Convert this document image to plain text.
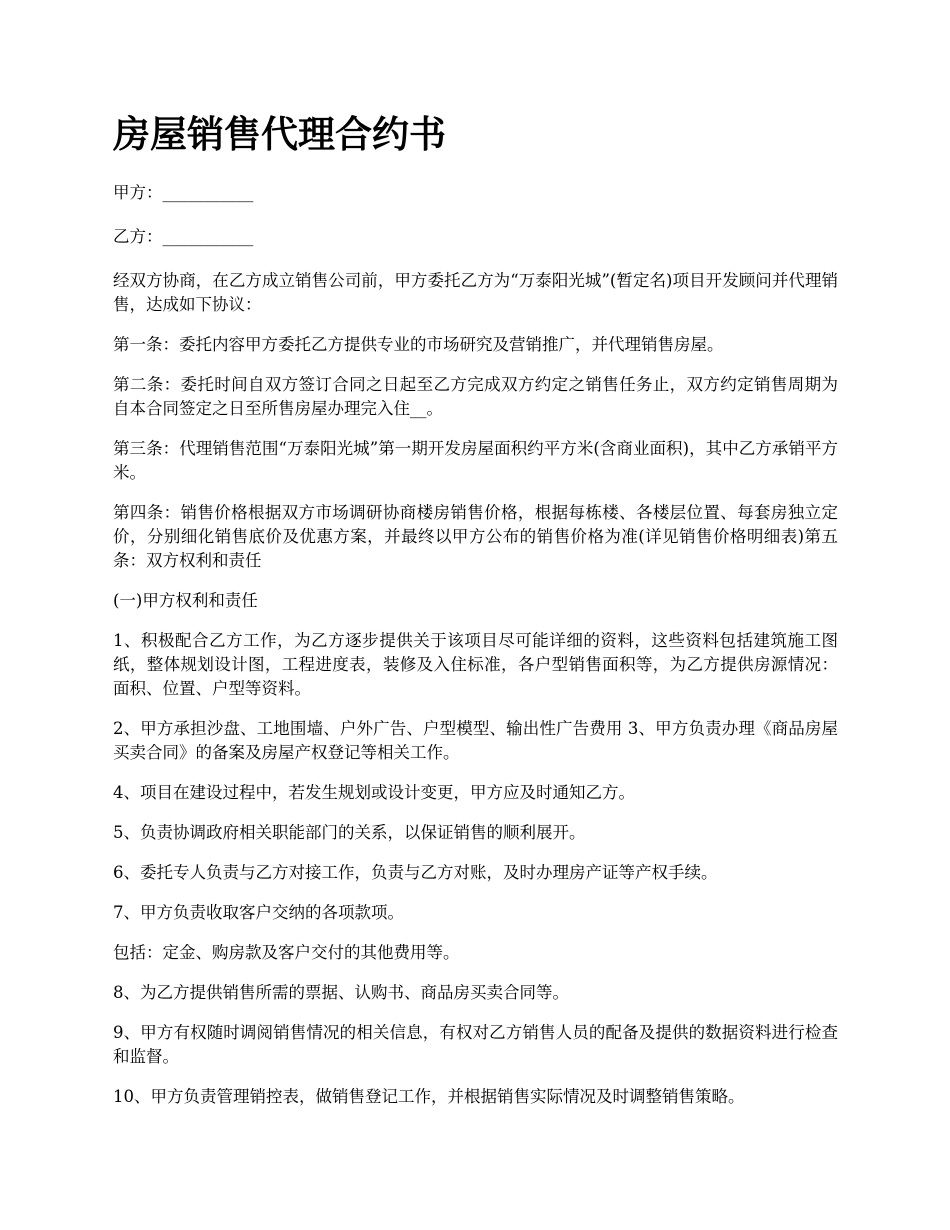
房屋销售代理合约书

甲方：___________

乙方：___________

经双方协商，在乙方成立销售公司前，甲方委托乙方为“万泰阳光城”(暂定名)项目开发顾问并代理销售，达成如下协议：

第一条：委托内容甲方委托乙方提供专业的市场研究及营销推广，并代理销售房屋。

第二条：委托时间自双方签订合同之日起至乙方完成双方约定之销售任务止，双方约定销售周期为自本合同签定之日至所售房屋办理完入住__。

第三条：代理销售范围“万泰阳光城”第一期开发房屋面积约平方米(含商业面积)，其中乙方承销平方米。

第四条：销售价格根据双方市场调研协商楼房销售价格，根据每栋楼、各楼层位置、每套房独立定价，分别细化销售底价及优惠方案，并最终以甲方公布的销售价格为准(详见销售价格明细表)第五条：双方权利和责任

(一)甲方权利和责任

1、积极配合乙方工作，为乙方逐步提供关于该项目尽可能详细的资料，这些资料包括建筑施工图纸，整体规划设计图，工程进度表，装修及入住标准，各户型销售面积等，为乙方提供房源情况：面积、位置、户型等资料。

2、甲方承担沙盘、工地围墙、户外广告、户型模型、输出性广告费用 3、甲方负责办理《商品房屋买卖合同》的备案及房屋产权登记等相关工作。

4、项目在建设过程中，若发生规划或设计变更，甲方应及时通知乙方。

5、负责协调政府相关职能部门的关系，以保证销售的顺利展开。

6、委托专人负责与乙方对接工作，负责与乙方对账，及时办理房产证等产权手续。

7、甲方负责收取客户交纳的各项款项。

包括：定金、购房款及客户交付的其他费用等。

8、为乙方提供销售所需的票据、认购书、商品房买卖合同等。

9、甲方有权随时调阅销售情况的相关信息，有权对乙方销售人员的配备及提供的数据资料进行检查和监督。

10、甲方负责管理销控表，做销售登记工作，并根据销售实际情况及时调整销售策略。
